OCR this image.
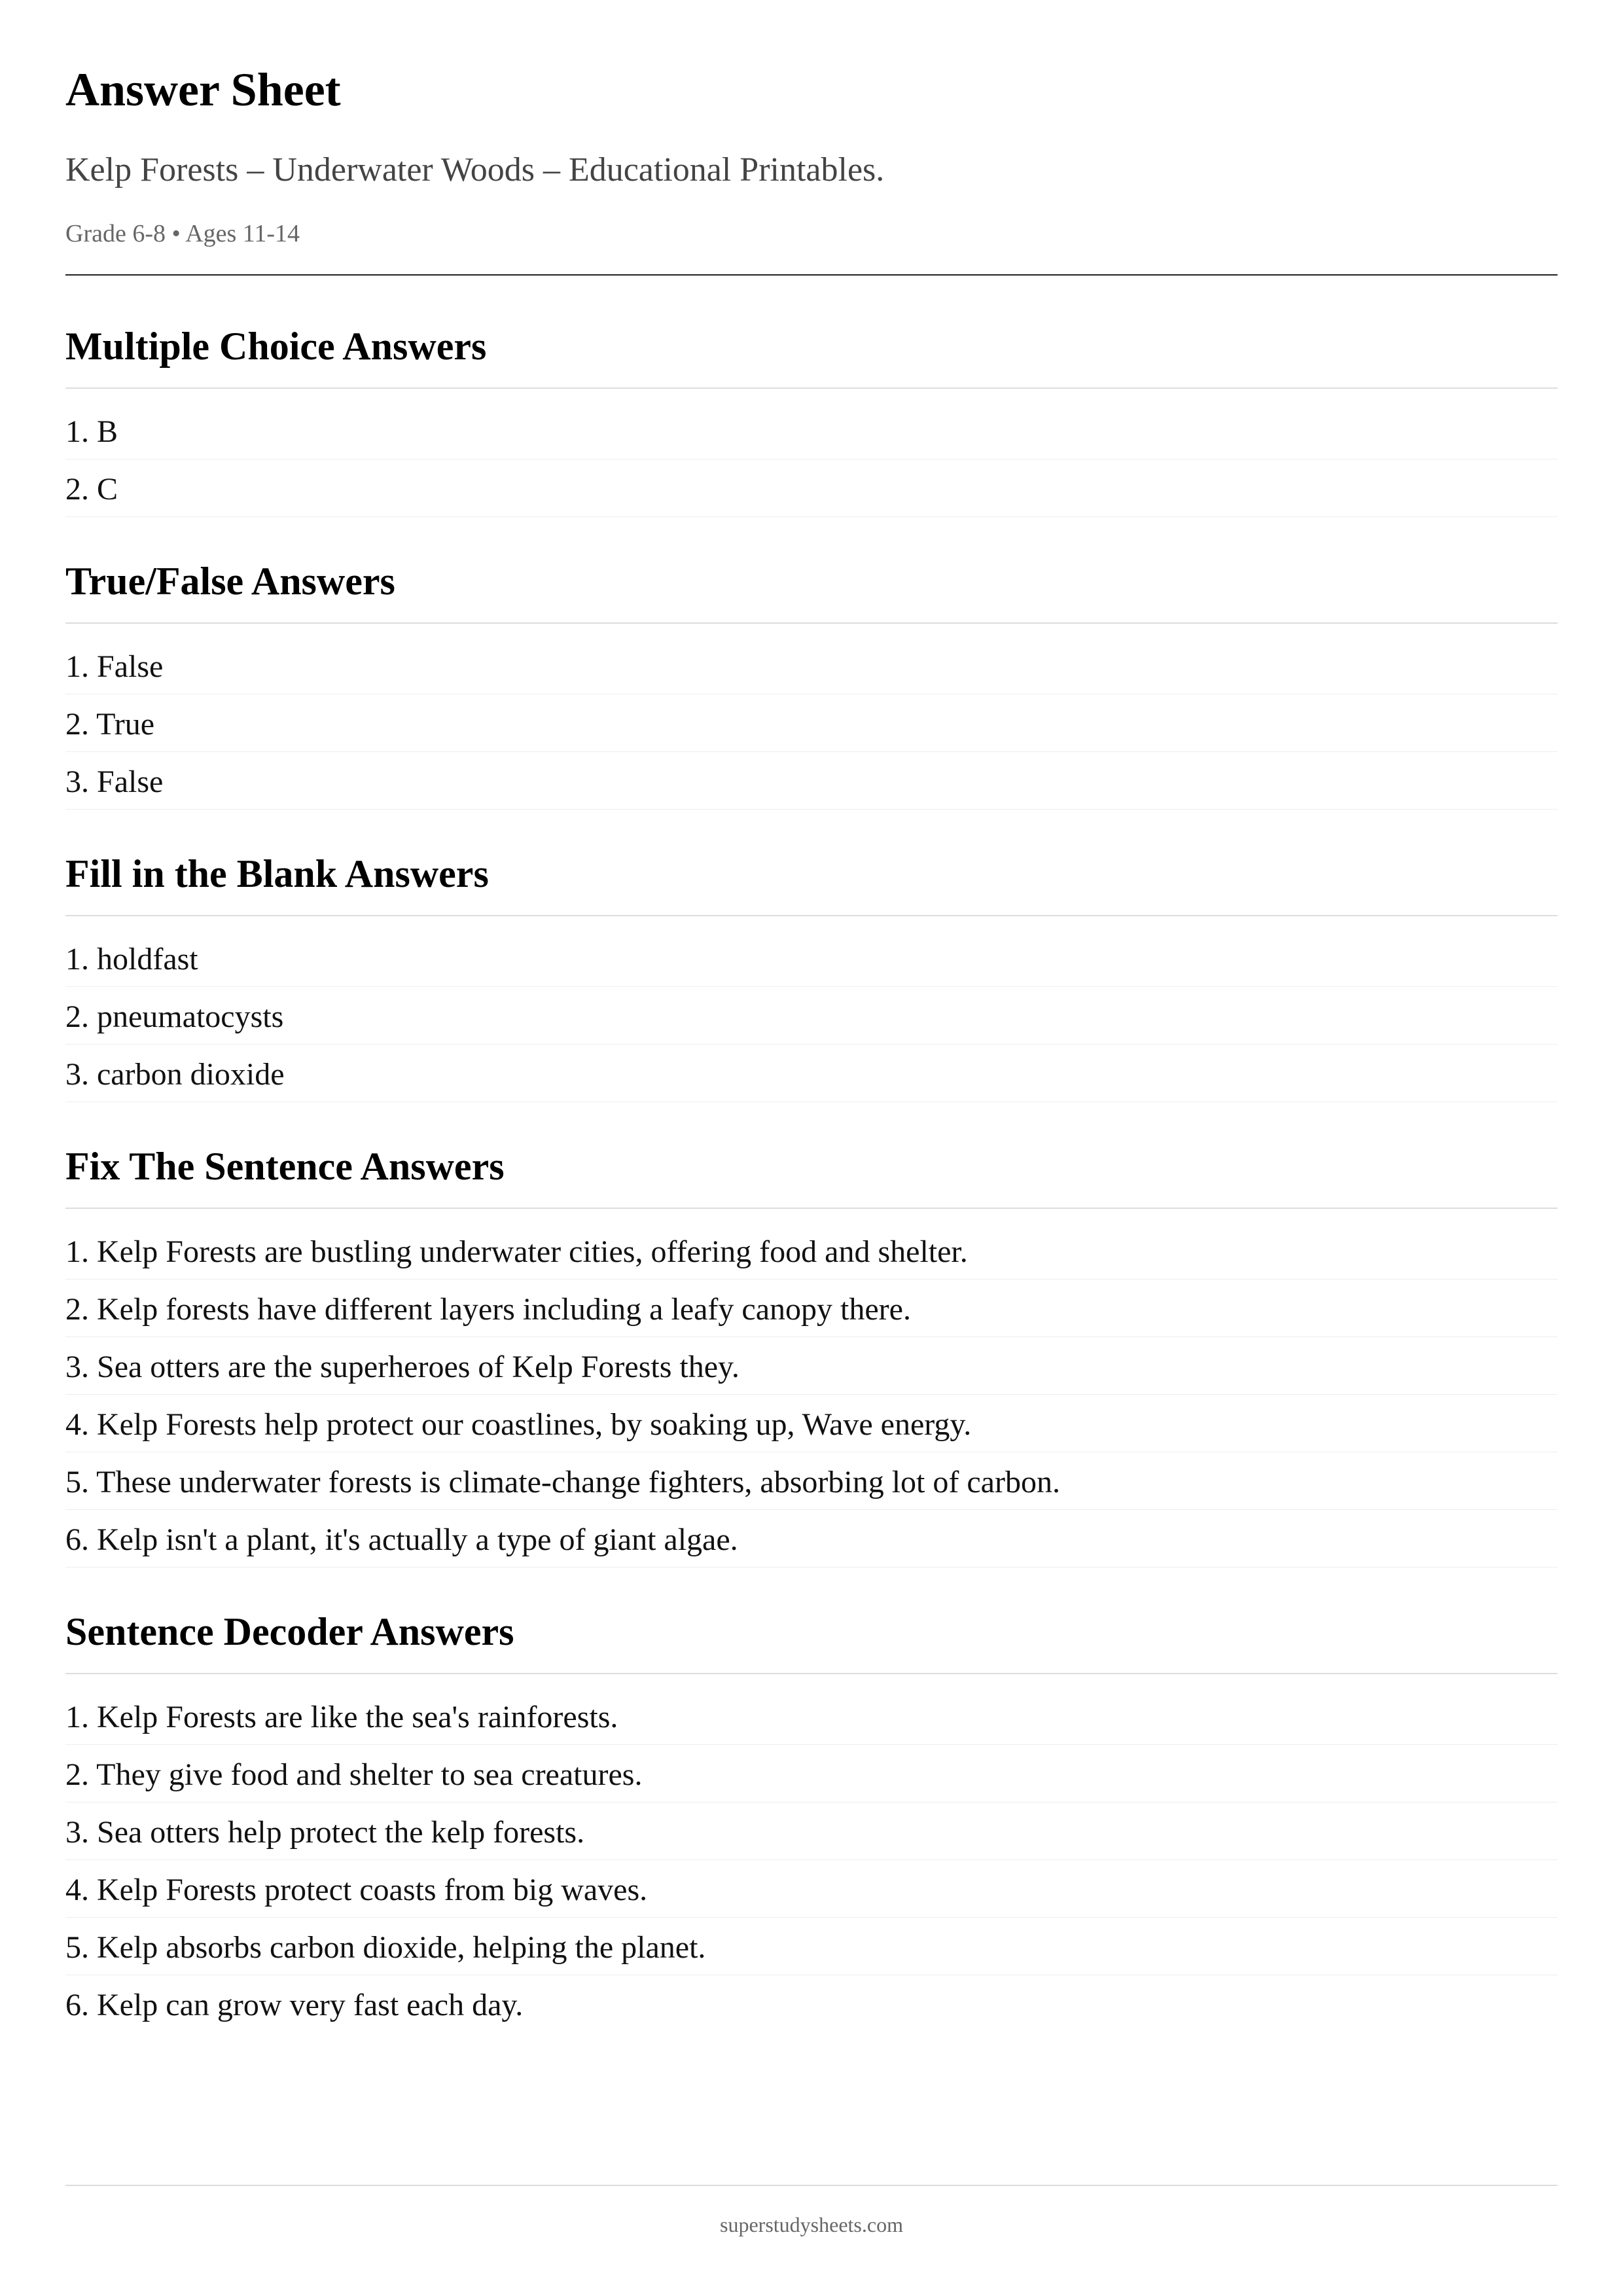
Answer Sheet

Kelp Forests – Underwater Woods – Educational Printables.

Grade 6-8 • Ages 11-14

Multiple Choice Answers
1. B
2. C
True/False Answers
1. False
2. True
3. False
Fill in the Blank Answers
1. holdfast
2. pneumatocysts
3. carbon dioxide
Fix The Sentence Answers
1. Kelp Forests are bustling underwater cities, offering food and shelter.
2. Kelp forests have different layers including a leafy canopy there.
3. Sea otters are the superheroes of Kelp Forests they.
4. Kelp Forests help protect our coastlines, by soaking up, Wave energy.
5. These underwater forests is climate-change fighters, absorbing lot of carbon.
6. Kelp isn't a plant, it's actually a type of giant algae.
Sentence Decoder Answers
1. Kelp Forests are like the sea's rainforests.
2. They give food and shelter to sea creatures.
3. Sea otters help protect the kelp forests.
4. Kelp Forests protect coasts from big waves.
5. Kelp absorbs carbon dioxide, helping the planet.
6. Kelp can grow very fast each day.
superstudysheets.com
